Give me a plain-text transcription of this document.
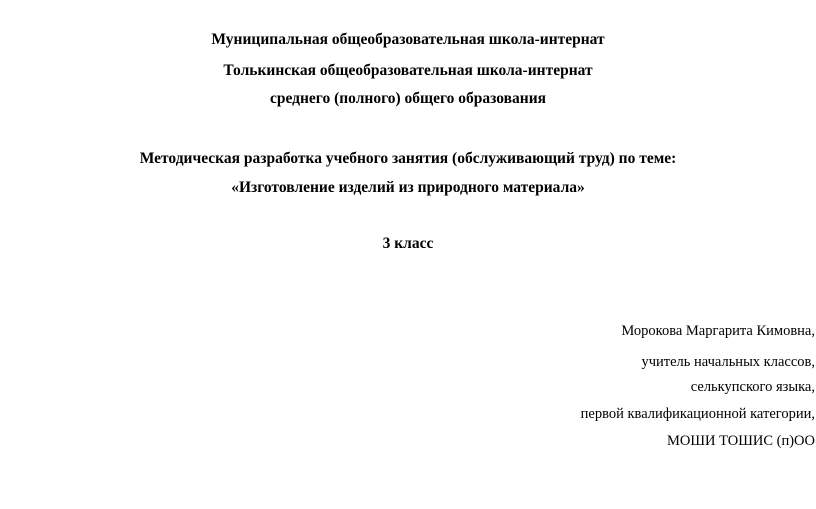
Муниципальная общеобразовательная школа-интернат
Толькинская общеобразовательная школа-интернат
среднего (полного) общего образования
Методическая разработка учебного занятия (обслуживающий труд) по теме:
«Изготовление изделий из природного материала»
3 класс
Морокова Маргарита Кимовна,
учитель начальных классов,
селькупского языка,
первой квалификационной категории,
МОШИ ТОШИС (п)ОО
